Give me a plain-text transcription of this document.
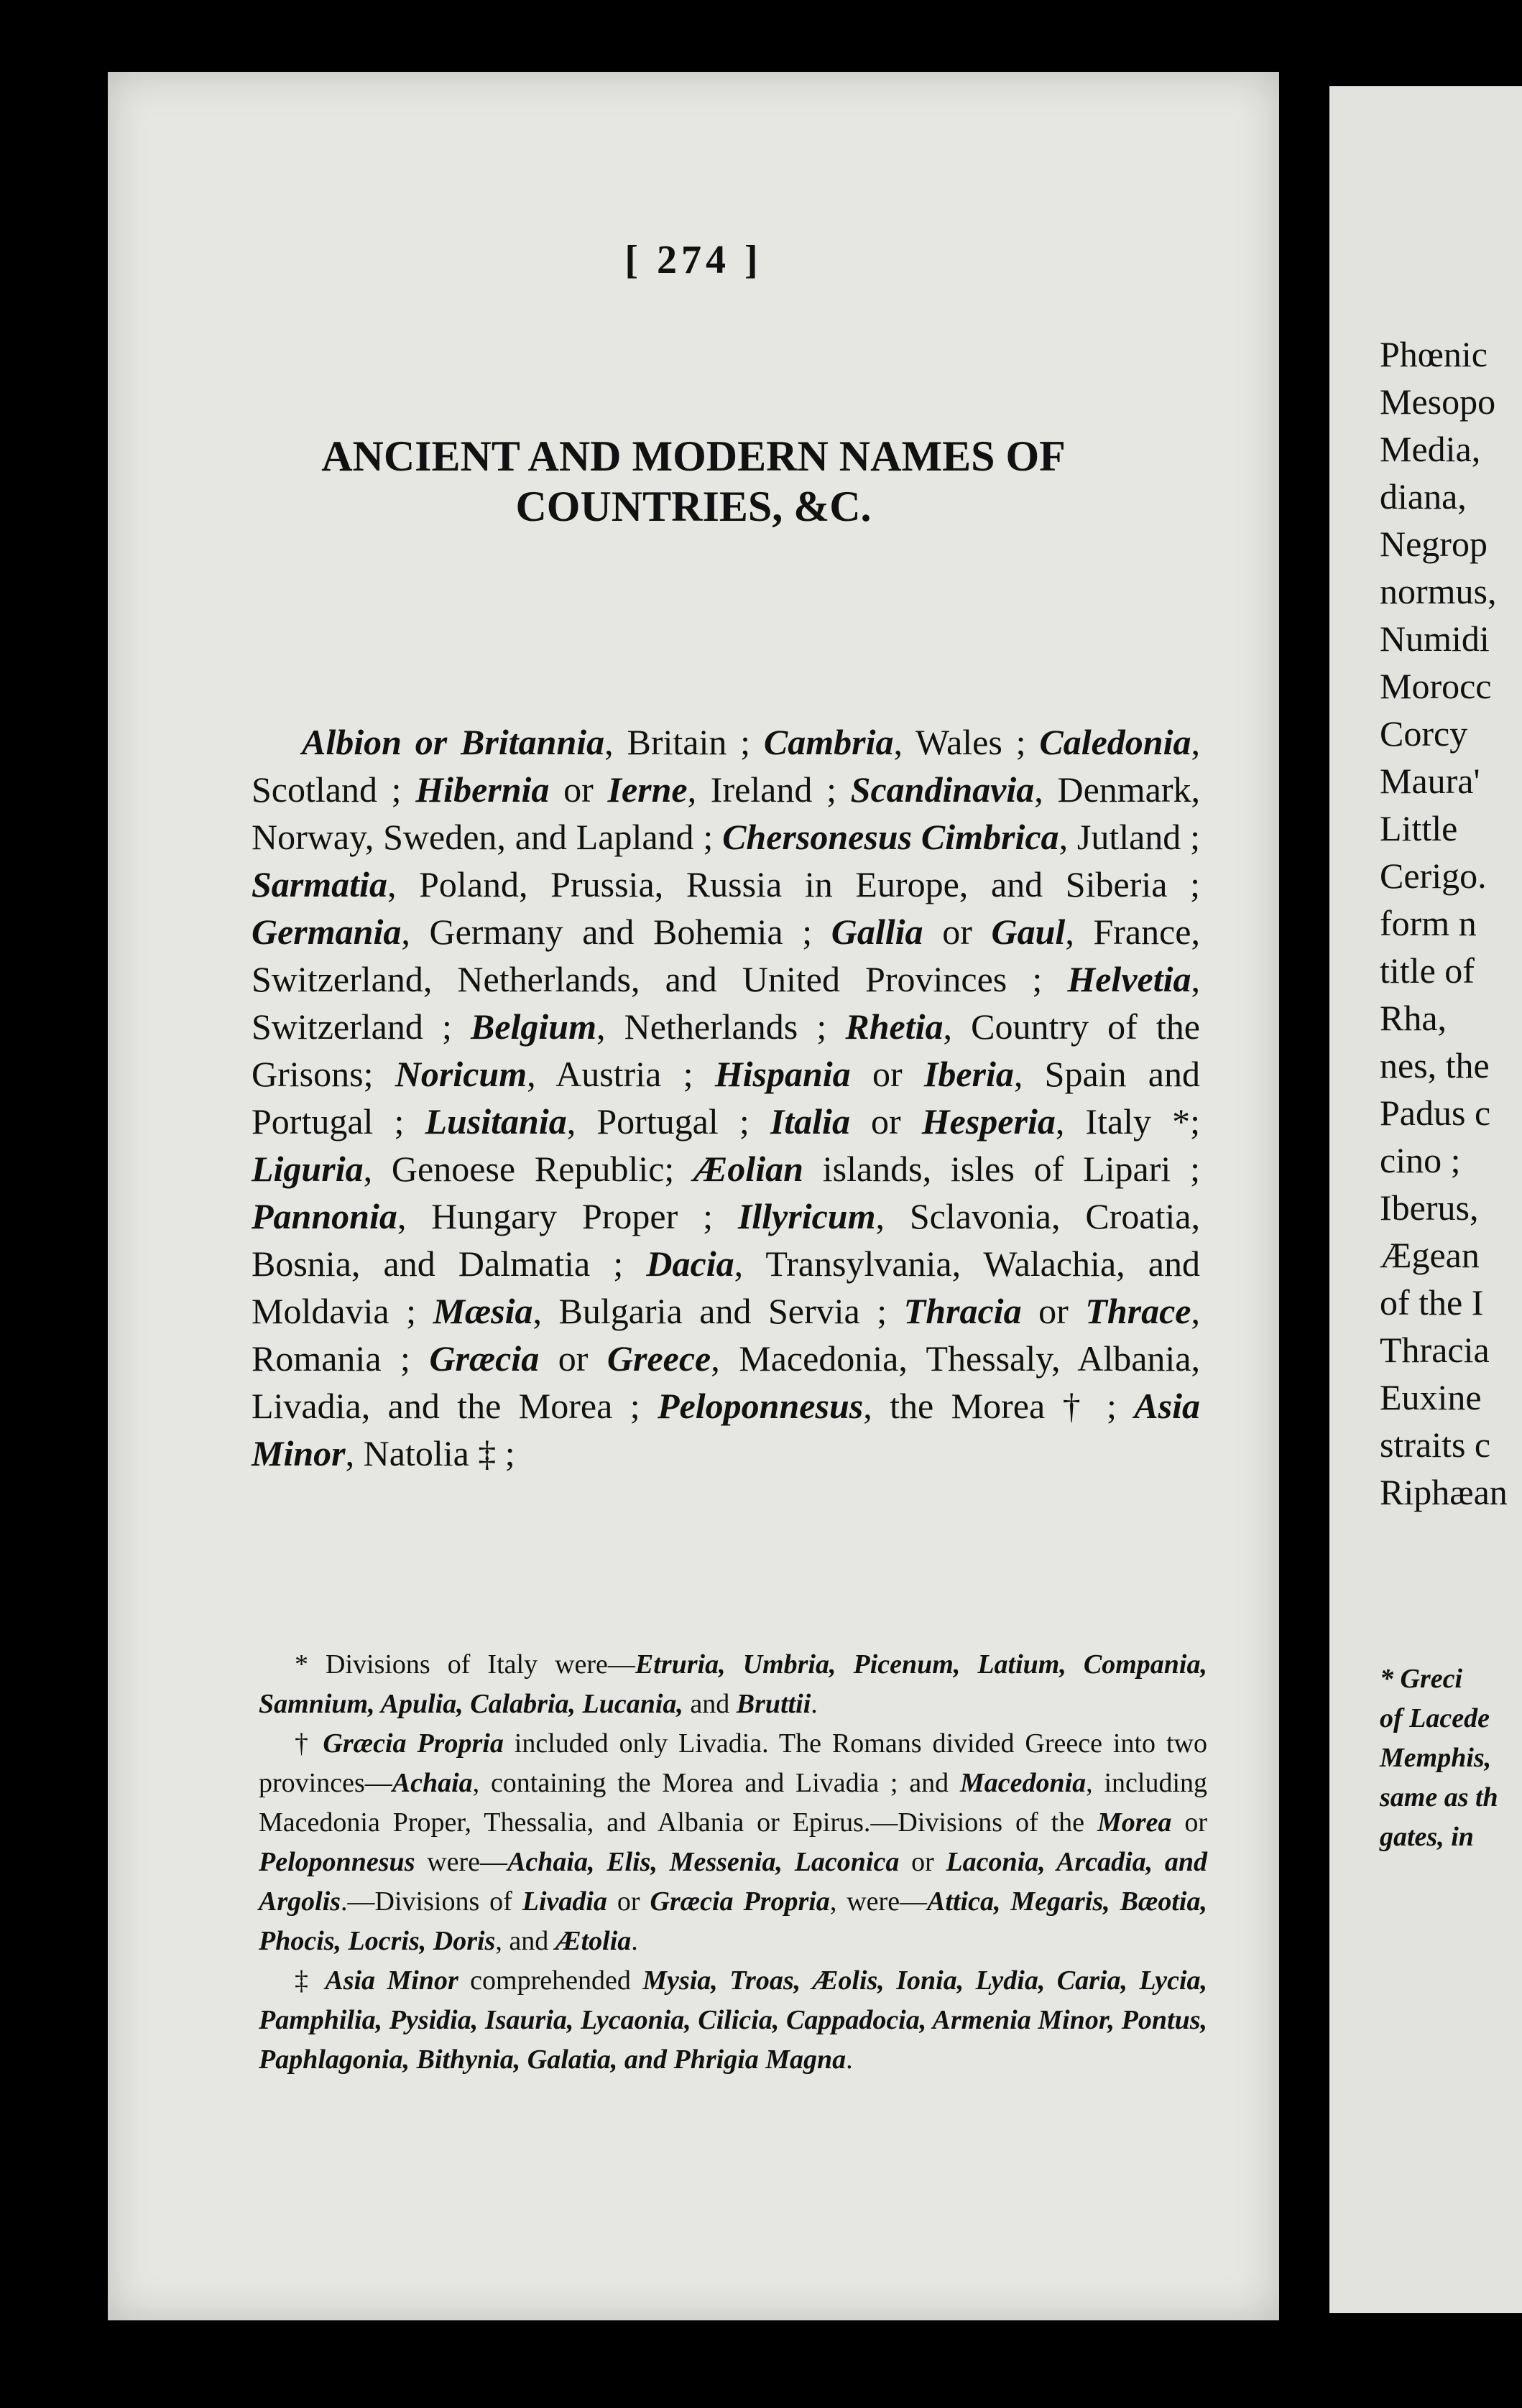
[ 274 ]
ANCIENT AND MODERN NAMES OF COUNTRIES, &C.

Albion or Britannia, Britain ; Cambria, Wales ; Caledonia, Scotland ; Hibernia or Ierne, Ireland ; Scandinavia, Denmark, Norway, Sweden, and Lapland ; Chersonesus Cimbrica, Jutland ; Sarmatia, Poland, Prussia, Russia in Europe, and Siberia ; Germania, Germany and Bohemia ; Gallia or Gaul, France, Switzerland, Netherlands, and United Provinces ; Helvetia, Switzerland ; Belgium, Netherlands ; Rhetia, Country of the Grisons; Noricum, Austria ; Hispania or Iberia, Spain and Portugal ; Lusitania, Portugal ; Italia or Hesperia, Italy *; Liguria, Genoese Republic; Æolian islands, isles of Lipari ; Pannonia, Hungary Proper ; Illyricum, Sclavonia, Croatia, Bosnia, and Dalmatia ; Dacia, Transylvania, Walachia, and Moldavia ; Mæsia, Bulgaria and Servia ; Thracia or Thrace, Romania ; Græcia or Greece, Macedonia, Thessaly, Albania, Livadia, and the Morea ; Peloponnesus, the Morea † ; Asia Minor, Natolia ‡ ;

* Divisions of Italy were—Etruria, Umbria, Picenum, Latium, Compania, Samnium, Apulia, Calabria, Lucania, and Bruttii.

† Græcia Propria included only Livadia. The Romans divided Greece into two provinces—Achaia, containing the Morea and Livadia ; and Macedonia, including Macedonia Proper, Thessalia, and Albania or Epirus.—Divisions of the Morea or Peloponnesus were—Achaia, Elis, Messenia, Laconica or Laconia, Arcadia, and Argolis.—Divisions of Livadia or Græcia Propria, were—Attica, Megaris, Bæotia, Phocis, Locris, Doris, and Ætolia.

‡ Asia Minor comprehended Mysia, Troas, Æolis, Ionia, Lydia, Caria, Lycia, Pamphilia, Pysidia, Isauria, Lycaonia, Cilicia, Cappadocia, Armenia Minor, Pontus, Paphlagonia, Bithynia, Galatia, and Phrigia Magna.

Phœnic
Mesopo
Media,
diana,
Negrop
normus,
Numidi
Morocc
Corcy
Maura'
Little
Cerigo.
form n
title of
Rha,
nes, the
Padus c
cino ;
Iberus,
Ægean
of the I
Thracia
Euxine
straits c
Riphæan
* Greci
of Lacede
Memphis,
same as th
gates, in
